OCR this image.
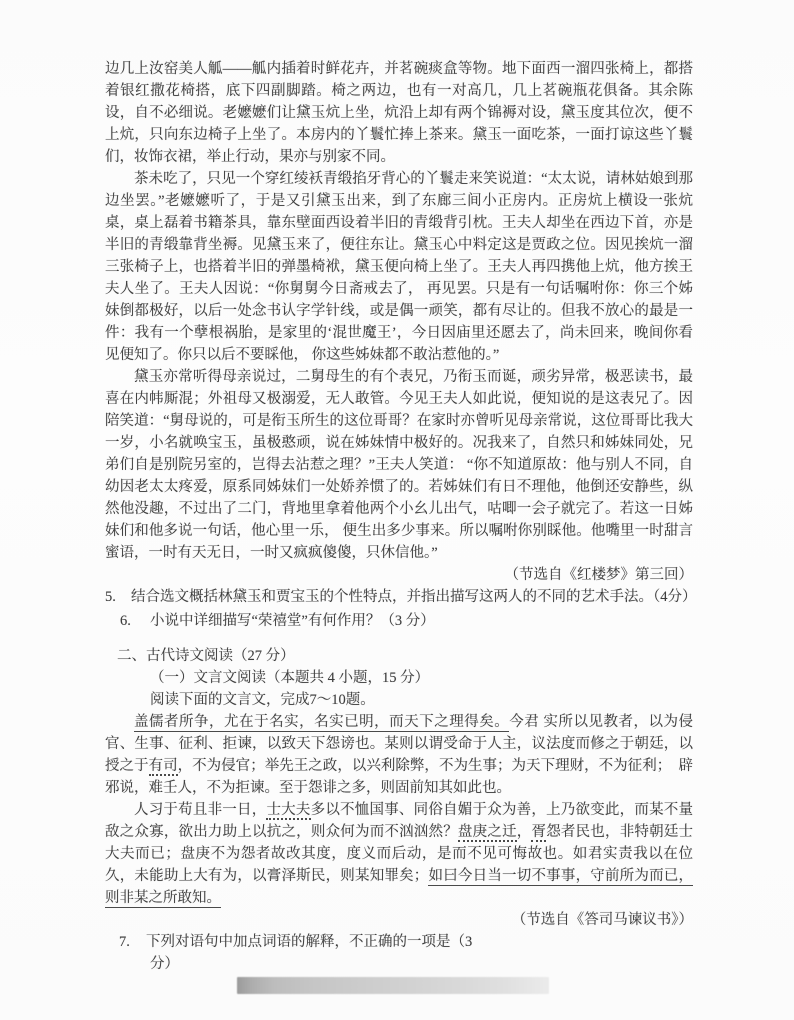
边几上汝窑美人觚——觚内插着时鲜花卉，并茗碗痰盒等物。地下面西一溜四张椅上，都搭着银红撒花椅搭，底下四副脚踏。椅之两边，也有一对高几，几上茗碗瓶花俱备。其余陈设，自不必细说。老嬷嬷们让黛玉炕上坐，炕沿上却有两个锦褥对设，黛玉度其位次，便不上炕，只向东边椅子上坐了。本房内的丫鬟忙捧上茶来。黛玉一面吃茶，一面打谅这些丫鬟们，妆饰衣裙，举止行动，果亦与别家不同。

茶未吃了，只见一个穿红绫袄青缎掐牙背心的丫鬟走来笑说道：“太太说，请林姑娘到那边坐罢。”老嬷嬷听了，于是又引黛玉出来，到了东廊三间小正房内。正房炕上横设一张炕桌，桌上磊着书籍茶具，靠东壁面西设着半旧的青缎背引枕。王夫人却坐在西边下首，亦是半旧的青缎靠背坐褥。见黛玉来了，便往东让。黛玉心中料定这是贾政之位。因见挨炕一溜三张椅子上，也搭着半旧的弹墨椅袱，黛玉便向椅上坐了。王夫人再四携他上炕，他方挨王夫人坐了。王夫人因说：“你舅舅今日斋戒去了， 再见罢。只是有一句话嘱咐你：你三个姊妹倒都极好，以后一处念书认字学针线，或是偶一顽笑，都有尽让的。但我不放心的最是一件：我有一个孽根祸胎，是家里的‘混世魔王’，今日因庙里还愿去了，尚未回来，晚间你看见便知了。你只以后不要睬他， 你这些姊妹都不敢沾惹他的。”

黛玉亦常听得母亲说过，二舅母生的有个表兄，乃衔玉而诞，顽劣异常，极恶读书，最喜在内帏厮混；外祖母又极溺爱，无人敢管。今见王夫人如此说，便知说的是这表兄了。因陪笑道：“舅母说的，可是衔玉所生的这位哥哥？在家时亦曾听见母亲常说，这位哥哥比我大一岁，小名就唤宝玉，虽极憨顽，说在姊妹情中极好的。况我来了，自然只和姊妹同处，兄弟们自是别院另室的，岂得去沾惹之理？”王夫人笑道： “你不知道原故：他与别人不同，自幼因老太太疼爱，原系同姊妹们一处娇养惯了的。若姊妹们有日不理他，他倒还安静些，纵然他没趣，不过出了二门，背地里拿着他两个小幺儿出气，咕唧一会子就完了。若这一日姊妹们和他多说一句话，他心里一乐， 便生出多少事来。所以嘱咐你别睬他。他嘴里一时甜言蜜语，一时有天无日，一时又疯疯傻傻，只休信他。”

（节选自《红楼梦》第三回）

5.	结合选文概括林黛玉和贾宝玉的个性特点，并指出描写这两人的不同的艺术手法。（4分）
6.	小说中详细描写“荣禧堂”有何作用？（3 分）
二、古代诗文阅读（27 分）
（一）文言文阅读（本题共 4 小题，15 分）
阅读下面的文言文，完成7～10题。

盖儒者所争，尤在于名实，名实已明，而天下之理得矣。今君 实所以见教者，以为侵官、生事、征利、拒谏，以致天下怨谤也。某则以谓受命于人主，议法度而修之于朝廷，以授之于有司，不为侵官；举先王之政，以兴利除弊，不为生事；为天下理财，不为征利；　辟邪说，难壬人，不为拒谏。至于怨诽之多，则固前知其如此也。

人习于苟且非一日，士大夫多以不恤国事、同俗自媚于众为善，上乃欲变此，而某不量敌之众寡，欲出力助上以抗之，则众何为而不汹汹然？盘庚之迁，胥怨者民也，非特朝廷士大夫而已；盘庚不为怨者故改其度，度义而后动，是而不见可悔故也。如君实责我以在位久，未能助上大有为，以膏泽斯民，则某知罪矣；如曰今日当一切不事事，守前所为而已，则非某之所敢知。

（节选自《答司马谏议书》）

7.	下列对语句中加点词语的解释，不正确的一项是（3
分）
